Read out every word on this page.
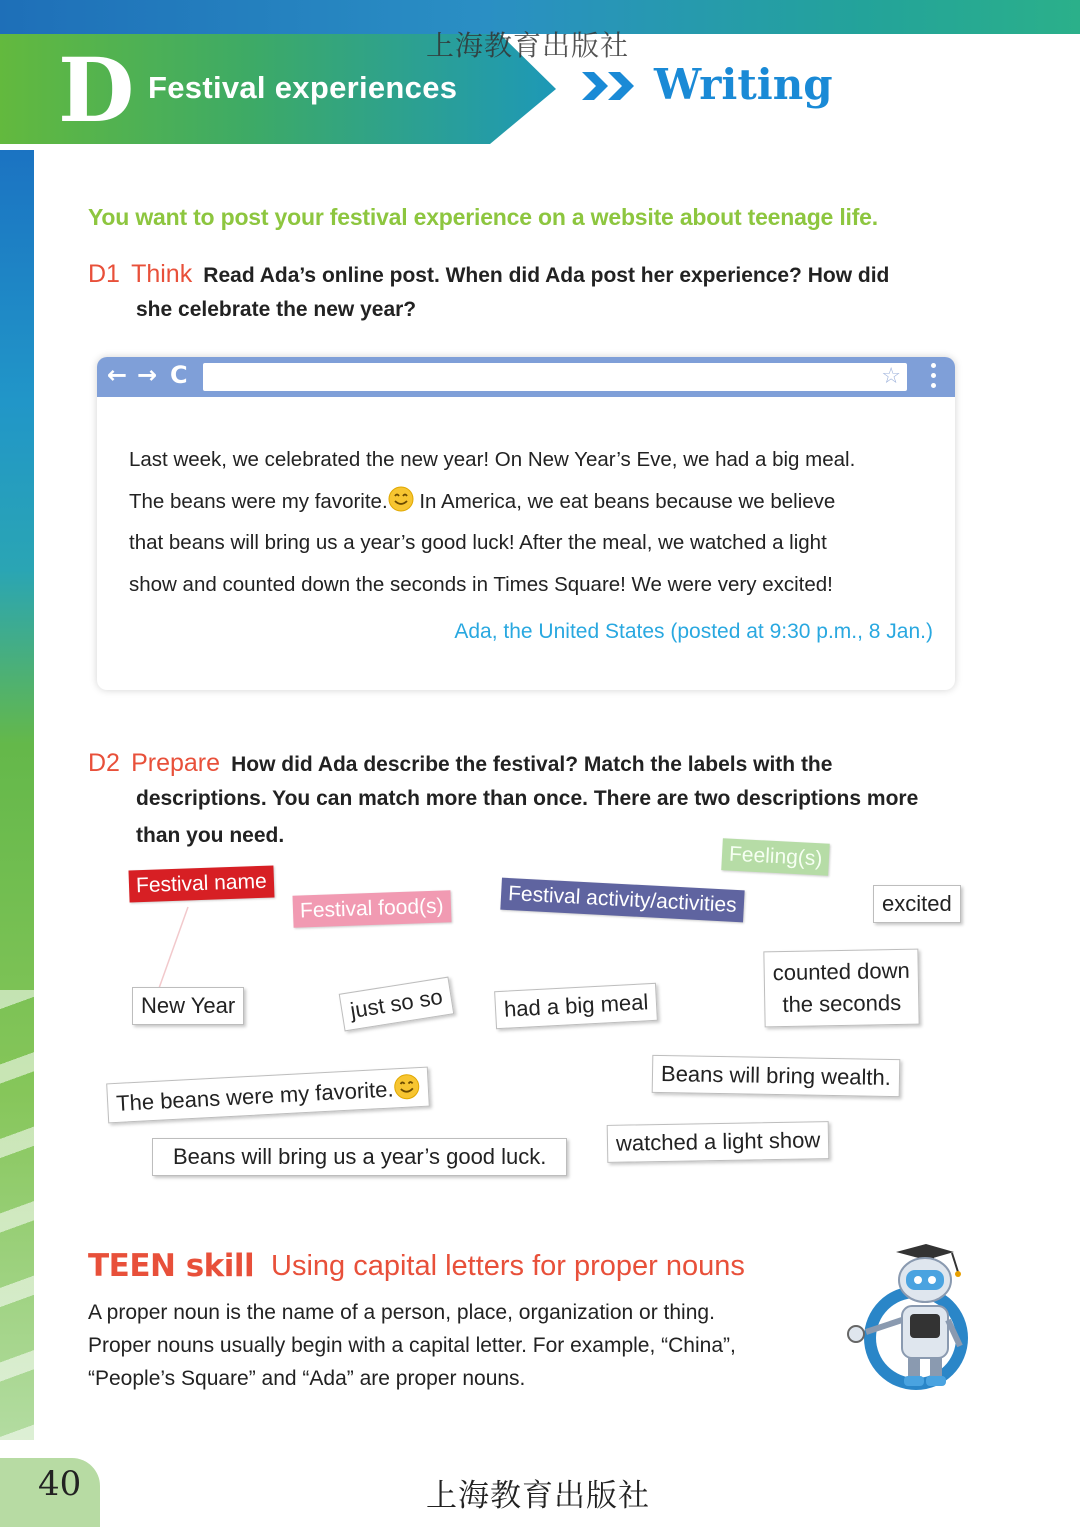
D Festival experiences	Writing
上海教育出版社
You want to post your festival experience on a website about teenage life.
D1 Think Read Ada’s online post. When did Ada post her experience? How did
she celebrate the new year?
← → C	☆
Last week, we celebrated the new year! On New Year’s Eve, we had a big meal.
The beans were my favorite. In America, we eat beans because we believe
that beans will bring us a year’s good luck! After the meal, we watched a light
show and counted down the seconds in Times Square! We were very excited!
Ada, the United States (posted at 9:30 p.m., 8 Jan.)
D2 Prepare How did Ada describe the festival? Match the labels with the
descriptions. You can match more than once. There are two descriptions more
than you need.
Festival name
Festival food(s)	Festival activity/activities
Feeling(s)
excited
New Year	just so so	had a big meal
counted down
the seconds
Beans will bring wealth.
The beans were my favorite.
Beans will bring us a year’s good luck.
watched a light show
TEEN skill Using capital letters for proper nouns
A proper noun is the name of a person, place, organization or thing.
Proper nouns usually begin with a capital letter. For example, “China”,
“People’s Square” and “Ada” are proper nouns.
40	上海教育出版社
